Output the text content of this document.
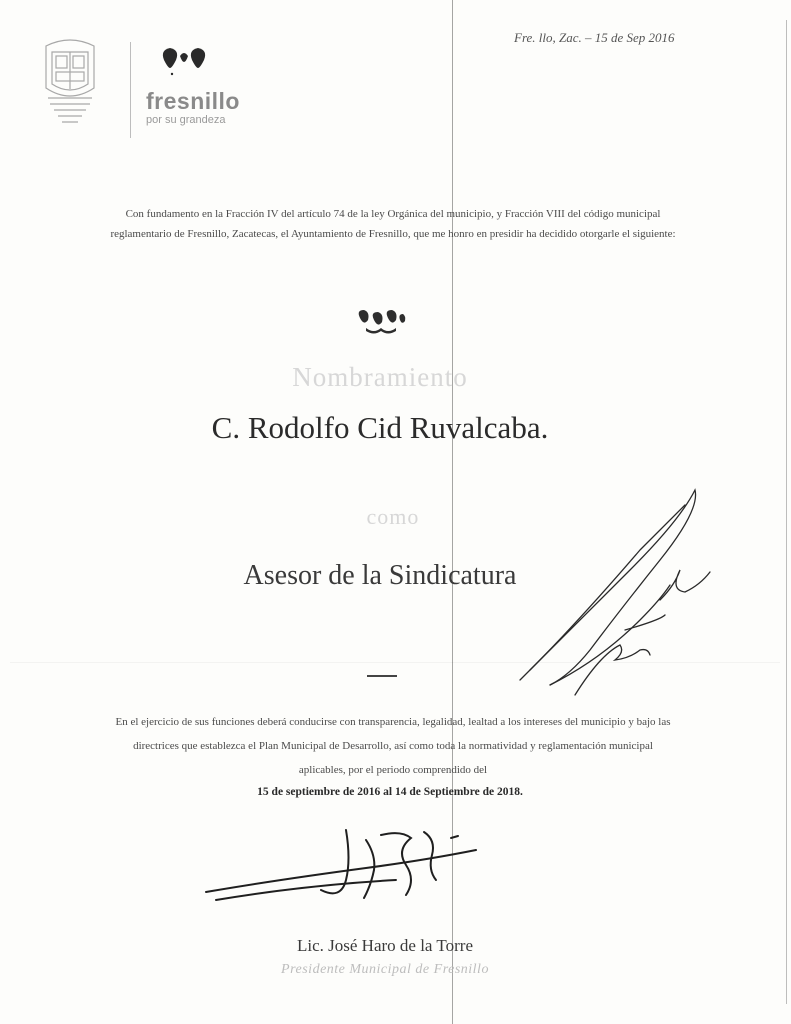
fresnillo
por su grandeza
Fre. llo, Zac. – 15 de Sep 2016
Con fundamento en la Fracción IV del artículo 74 de la ley Orgánica del municipio, y Fracción VIII del código municipal reglamentario de Fresnillo, Zacatecas, el Ayuntamiento de Fresnillo, que me honro en presidir ha decidido otorgarle el siguiente:
Nombramiento
C. Rodolfo Cid Ruvalcaba.
como
Asesor de la Sindicatura
En el ejercicio de sus funciones deberá conducirse con transparencia, legalidad, lealtad a los intereses del municipio y bajo las directrices que establezca el Plan Municipal de Desarrollo, así como toda la normatividad y reglamentación municipal aplicables, por el periodo comprendido del
15 de septiembre de 2016 al 14 de Septiembre de 2018.
Lic. José Haro de la Torre
Presidente Municipal de Fresnillo
